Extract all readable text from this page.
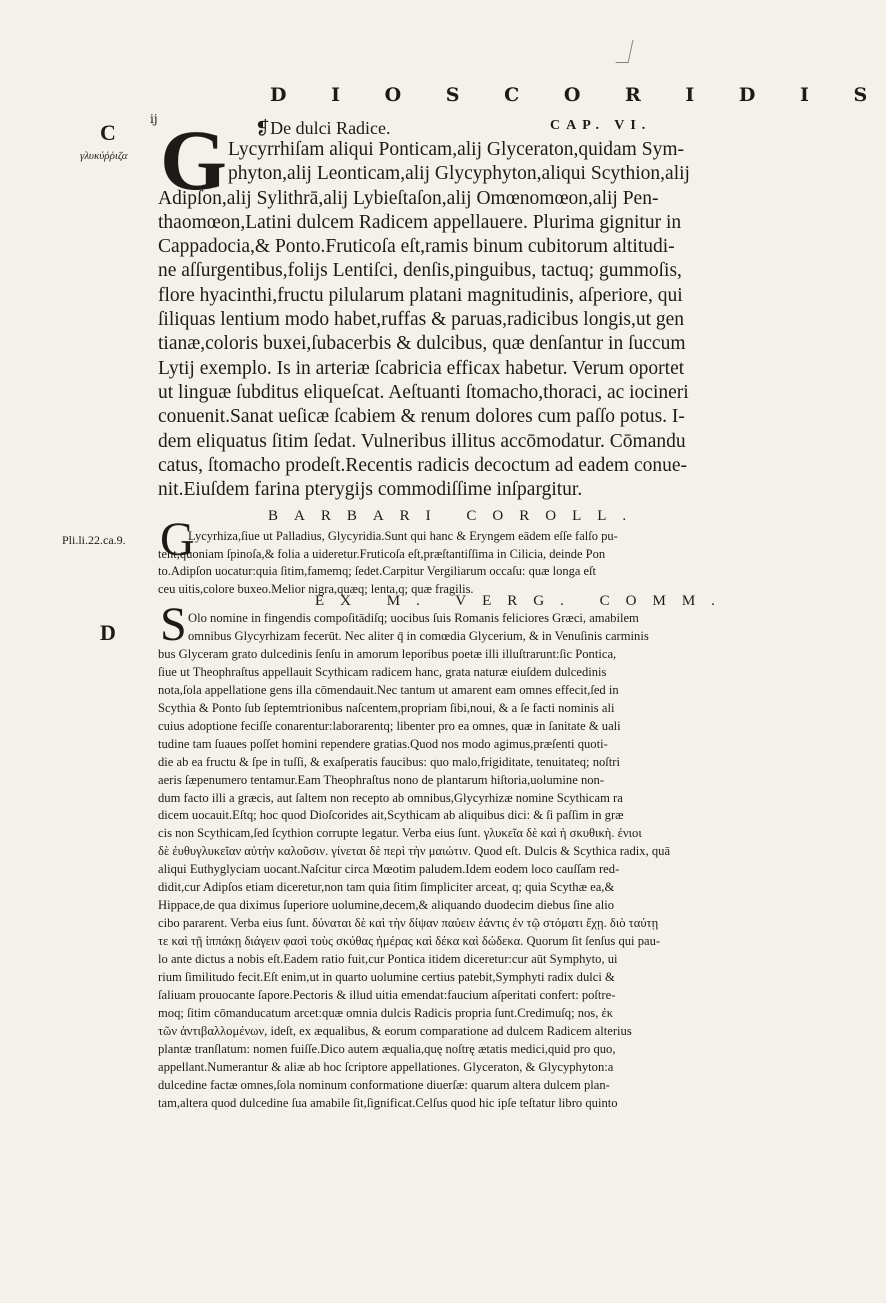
D I O S C O R I D I S
ij
C
γλυκύῤῥιζα
Pli.li.22.ca.9.
D
❡De dulci Radice.	CAP. VI.
G Lycyrrhiſam aliqui Ponticam,alij Glyceraton,quidam Sym-
phyton,alij Leonticam,alij Glycyphyton,aliqui Scythion,alij
Adipſon,alij Sylithrā,alij Lybieſtaſon,alij Omœnomœon,alij Pen-
thaomœon,Latini dulcem Radicem appellauere. Plurima gignitur in
Cappadocia,& Ponto.Fruticoſa eſt,ramis binum cubitorum altitudi-
ne aſſurgentibus,folijs Lentiſci, denſis,pinguibus, tactuq; gummoſis,
flore hyacinthi,fructu pilularum platani magnitudinis, aſperiore, qui
ſiliquas lentium modo habet,ruffas & paruas,radicibus longis,ut gen
tianæ,coloris buxei,ſubacerbis & dulcibus, quæ denſantur in ſuccum
Lytij exemplo. Is in arteriæ ſcabricia efficax habetur. Verum oportet
ut linguæ ſubditus eliqueſcat. Aeſtuanti ſtomacho,thoraci, ac iocineri
conuenit.Sanat ueſicæ ſcabiem & renum dolores cum paſſo potus. I-
dem eliquatus ſitim ſedat. Vulneribus illitus accōmodatur. Cōmandu
catus, ſtomacho prodeſt.Recentis radicis decoctum ad eadem conue-
nit.Eiuſdem farina pterygijs commodiſſime inſpargitur.
BARBARI COROLL.
G
Lycyrhiza,ſiue ut Palladius, Glycyridia.Sunt qui hanc & Eryngem eādem eſſe falſo pu-
tent,quoniam ſpinoſa,& folia a uideretur.Fruticoſa eſt,præſtantiſſima in Cilicia, deinde Pon
to.Adipſon uocatur:quia ſitim,famemq; ſedet.Carpitur Vergiliarum occaſu: quæ longa eſt
ceu uitis,colore buxeo.Melior nigra,quæq; lenta,q; quæ fragilis.
EX M. VERG. COMM.
S Olo nomine in fingendis compoſitādiſq; uocibus ſuis Romanis feliciores Græci, amabilem
omnibus Glycyrhizam fecerūt. Nec aliter q̄ in comœdia Glycerium, & in Venuſinis carminis
bus Glyceram grato dulcedinis ſenſu in amorum leporibus poetæ illi illuſtrarunt:ſic Pontica,
ſiue ut Theophraſtus appellauit Scythicam radicem hanc, grata naturæ eiuſdem dulcedinis
nota,ſola appellatione gens illa cōmendauit.Nec tantum ut amarent eam omnes effecit,ſed in
Scythia & Ponto ſub ſeptemtrionibus naſcentem,propriam ſibi,noui, & a ſe facti nominis ali
cuius adoptione feciſſe conarentur:laborarentq; libenter pro ea omnes, quæ in ſanitate & uali
tudine tam ſuaues poſſet homini rependere gratias.Quod nos modo agimus,præſenti quoti-
die ab ea fructu & ſpe in tuſſi, & exaſperatis faucibus: quo malo,frigiditate, tenuitateq; noſtri
aeris ſæpenumero tentamur.Eam Theophraſtus nono de plantarum hiſtoria,uolumine non-
dum facto illi a græcis, aut ſaltem non recepto ab omnibus,Glycyrhizæ nomine Scythicam ra
dicem uocauit.Eſtq; hoc quod Dioſcorides ait,Scythicam ab aliquibus dici: & ſi paſſim in græ
cis non Scythicam,ſed ſcythion corrupte legatur. Verba eius ſunt. γλυκεῖα δὲ καὶ ἡ σκυθικὴ. ἐνιοι
δὲ ἐυθυγλυκεῖαν αὐτὴν καλοῦσιν. γίνεται δὲ περὶ τὴν μαιώτιν. Quod eſt. Dulcis & Scythica radix, quā
aliqui Euthyglyciam uocant.Naſcitur circa Mœotim paludem.Idem eodem loco cauſſam red-
didit,cur Adipſos etiam diceretur,non tam quia ſitim ſimpliciter arceat, q; quia Scythæ ea,&
Hippace,de qua diximus ſuperiore uolumine,decem,& aliquando duodecim diebus ſine alio
cibo pararent. Verba eius ſunt. δύναται δὲ καὶ τὴν δίψαν παύειν ἐάντις ἐν τῷ στόματι ἔχῃ. διὸ ταύτῃ
τε καὶ τῇ ἱππάκῃ διάγειν φασὶ τοὺς σκύθας ἡμέρας καὶ δέκα καὶ δώδεκα. Quorum ſit ſenſus qui pau-
lo ante dictus a nobis eſt.Eadem ratio fuit,cur Pontica itidem diceretur:cur aūt Symphyto, ui
rium ſimilitudo fecit.Eſt enim,ut in quarto uolumine certius patebit,Symphyti radix dulci &
ſaliuam prouocante ſapore.Pectoris & illud uitia emendat:faucium aſperitati confert: poſtre-
moq; ſitim cōmanducatum arcet:quæ omnia dulcis Radicis propria ſunt.Credimuſq; nos, ἐκ
τῶν ἀντιβαλλομένων, ideſt, ex æqualibus, & eorum comparatione ad dulcem Radicem alterius
plantæ tranſlatum: nomen fuiſſe.Dico autem æqualia,quę noſtrę ætatis medici,quid pro quo,
appellant.Numerantur & aliæ ab hoc ſcriptore appellationes. Glyceraton, & Glycyphyton:a
dulcedine factæ omnes,ſola nominum conformatione diuerſæ: quarum altera dulcem plan-
tam,altera quod dulcedine ſua amabile ſit,ſignificat.Celſus quod hic ipſe teſtatur libro quinto
